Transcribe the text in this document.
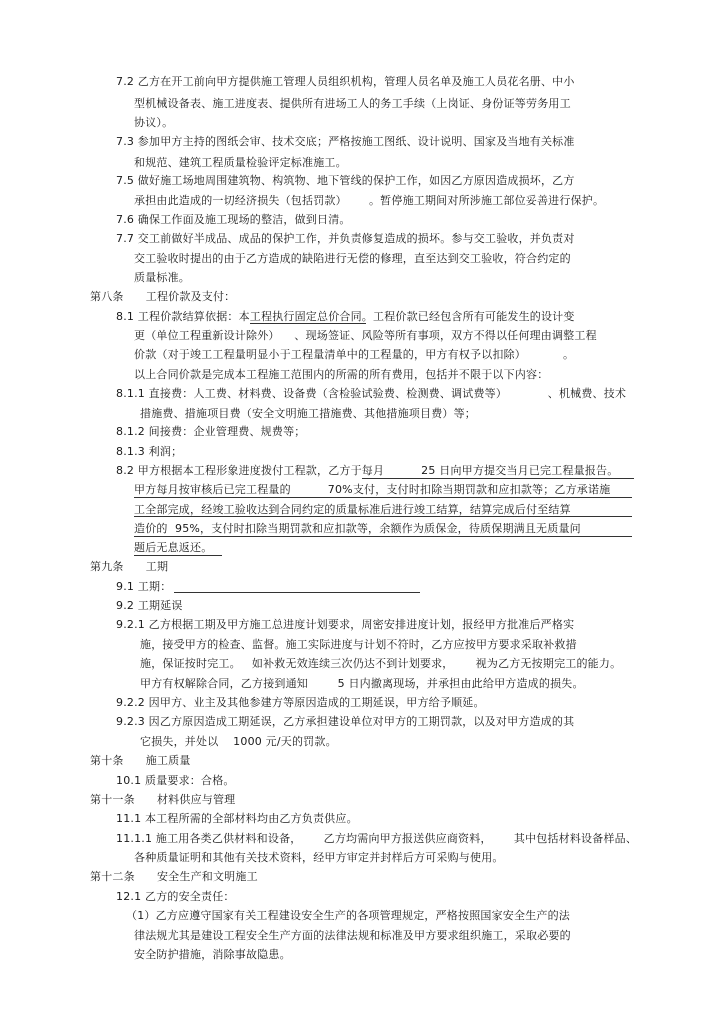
7.2 乙方在开工前向甲方提供施工管理人员组织机构，管理人员名单及施工人员花名册、中小
型机械设备表、施工进度表、提供所有进场工人的务工手续（上岗证、身份证等劳务用工
协议）。
7.3 参加甲方主持的图纸会审、技术交底；严格按施工图纸、设计说明、国家及当地有关标准
和规范、建筑工程质量检验评定标准施工。
7.5 做好施工场地周围建筑物、构筑物、地下管线的保护工作，如因乙方原因造成损坏，乙方
承担由此造成的一切经济损失（包括罚款）      。暂停施工期间对所涉施工部位妥善进行保护。
7.6 确保工作面及施工现场的整洁，做到日清。
7.7 交工前做好半成品、成品的保护工作，并负责修复造成的损坏。参与交工验收，并负责对
交工验收时提出的由于乙方造成的缺陷进行无偿的修理，直至达到交工验收，符合约定的
质量标准。
第八条      工程价款及支付：
8.1 工程价款结算依据：本工程执行固定总价合同。工程价款已经包含所有可能发生的设计变
更（单位工程重新设计除外）    、现场签证、风险等所有事项，双方不得以任何理由调整工程
价款（对于竣工工程量明显小于工程量清单中的工程量的，甲方有权予以扣除）          。
以上合同价款是完成本工程施工范围内的所需的所有费用，包括并不限于以下内容：
8.1.1 直接费：人工费、材料费、设备费（含检验试验费、检测费、调试费等）           、机械费、技术
措施费、措施项目费（安全文明施工措施费、其他措施项目费）等；
8.1.2 间接费：企业管理费、规费等；
8.1.3 利润；
8.2 甲方根据本工程形象进度拨付工程款，乙方于每月          25 日向甲方提交当月已完工程量报告。
甲方每月按审核后已完工程量的          70%支付，支付时扣除当期罚款和应扣款等；乙方承诺施
工全部完成，经竣工验收达到合同约定的质量标准后进行竣工结算，结算完成后付至结算
造价的  95%，支付时扣除当期罚款和应扣款等，余额作为质保金，待质保期满且无质量问
题后无息返还。
第九条      工期
9.1 工期：
9.2 工期延误
9.2.1 乙方根据工期及甲方施工总进度计划要求，周密安排进度计划，报经甲方批准后严格实
施，接受甲方的检查、监督。施工实际进度与计划不符时，乙方应按甲方要求采取补救措
施，保证按时完工。   如补救无效连续三次仍达不到计划要求，      视为乙方无按期完工的能力。
甲方有权解除合同，乙方接到通知        5 日内撤离现场，并承担由此给甲方造成的损失。
9.2.2 因甲方、业主及其他参建方等原因造成的工期延误，甲方给予顺延。
9.2.3 因乙方原因造成工期延误，乙方承担建设单位对甲方的工期罚款，以及对甲方造成的其
它损失，并处以    1000 元/天的罚款。
第十条      施工质量
10.1 质量要求：合格。
第十一条      材料供应与管理
11.1 本工程所需的全部材料均由乙方负责供应。
11.1.1 施工用各类乙供材料和设备，      乙方均需向甲方报送供应商资料，      其中包括材料设备样品、
各种质量证明和其他有关技术资料，经甲方审定并封样后方可采购与使用。
第十二条      安全生产和文明施工
12.1 乙方的安全责任：
（1）乙方应遵守国家有关工程建设安全生产的各项管理规定，严格按照国家安全生产的法
律法规尤其是建设工程安全生产方面的法律法规和标准及甲方要求组织施工，采取必要的
安全防护措施，消除事故隐患。
